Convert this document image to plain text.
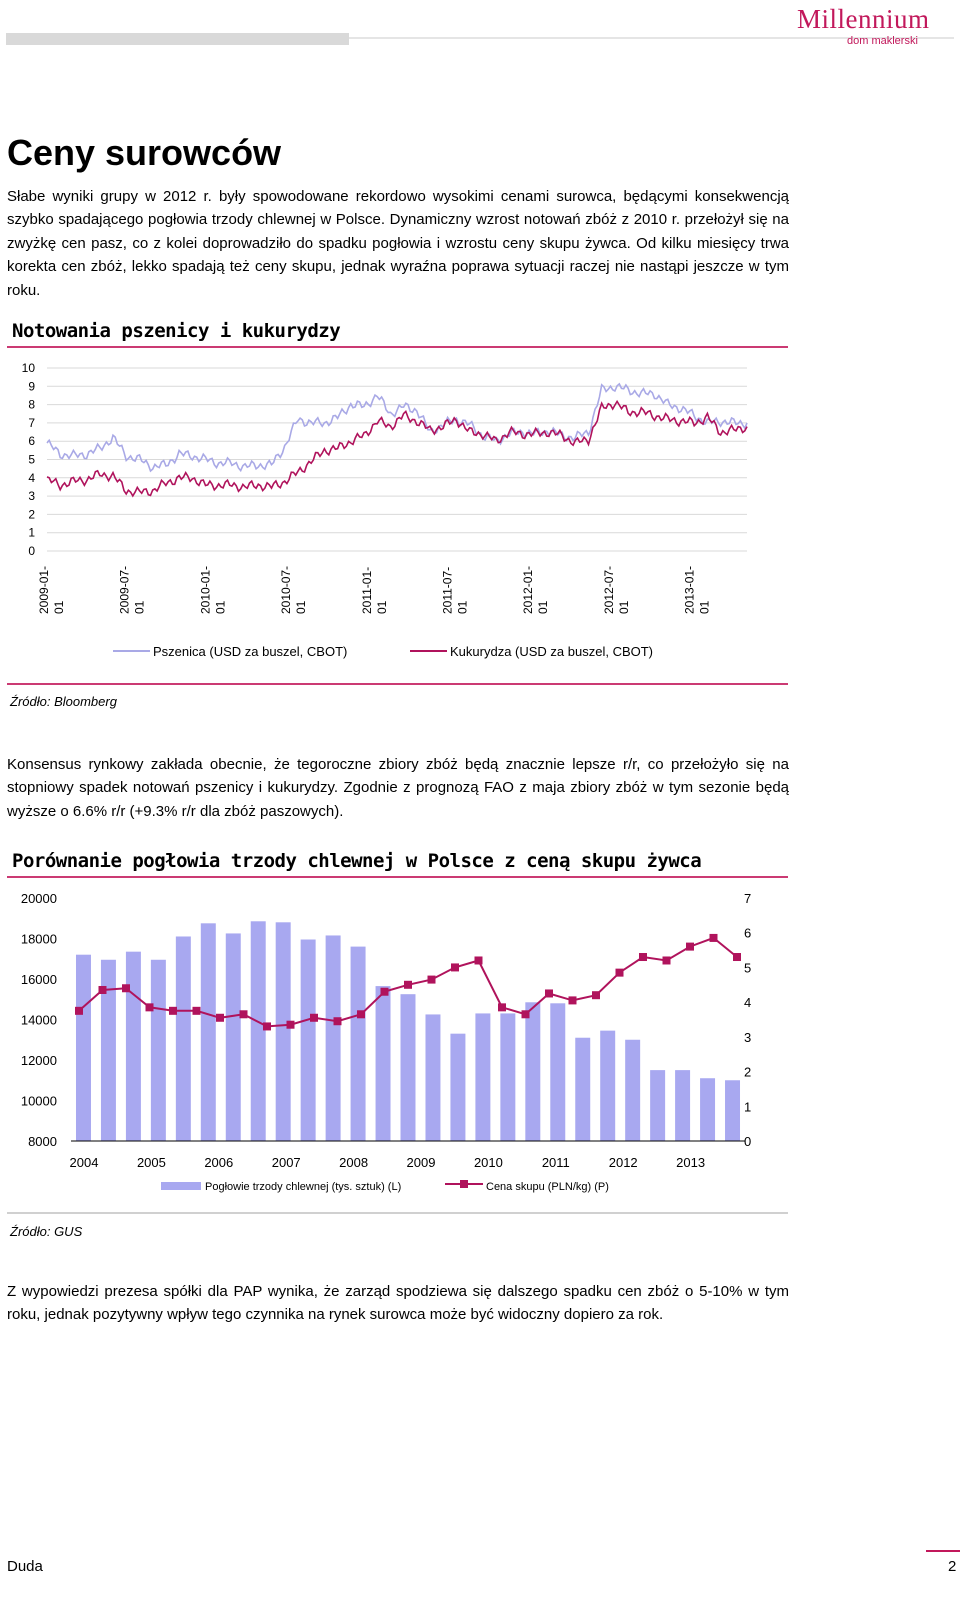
Millennium
dom maklerski
Ceny surowców
Słabe wyniki grupy w 2012 r. były spowodowane rekordowo wysokimi cenami surowca, będącymi konsekwencją szybko spadającego pogłowia trzody chlewnej w Polsce. Dynamiczny wzrost notowań zbóż z 2010 r. przełożył się na zwyżkę cen pasz, co z kolei doprowadziło do spadku pogłowia i wzrostu ceny skupu żywca. Od kilku miesięcy trwa korekta cen zbóż, lekko spadają też ceny skupu, jednak wyraźna poprawa sytuacji raczej nie nastąpi jeszcze w tym roku.
Notowania pszenicy i kukurydzy
0
1
2
3
4
5
6
7
8
9
10
2009-01- 01	2009-07- 01	2010-01- 01	2010-07- 01	2011-01- 01	2011-07- 01	2012-01- 01	2012-07- 01	2013-01- 01
Pszenica (USD za buszel, CBOT)	Kukurydza (USD za buszel, CBOT)
Źródło: Bloomberg
Konsensus rynkowy zakłada obecnie, że tegoroczne zbiory zbóż będą znacznie lepsze r/r, co przełożyło się na stopniowy spadek notowań pszenicy i kukurydzy. Zgodnie z prognozą FAO z maja zbiory zbóż w tym sezonie będą wyższe o 6.6% r/r (+9.3% r/r dla zbóż paszowych).
Porównanie pogłowia trzody chlewnej w Polsce z ceną skupu żywca
8000
10000
12000
14000
16000
18000
20000
0
1
2
3
4
5
6
7
2004	2005	2006	2007	2008	2009	2010	2011	2012	2013
Pogłowie trzody chlewnej (tys. sztuk) (L)	Cena skupu (PLN/kg) (P)
Źródło: GUS
Z wypowiedzi prezesa spółki dla PAP wynika, że zarząd spodziewa się dalszego spadku cen zbóż o 5-10% w tym roku, jednak pozytywny wpływ tego czynnika na rynek surowca może być widoczny dopiero za rok.
Duda	2
